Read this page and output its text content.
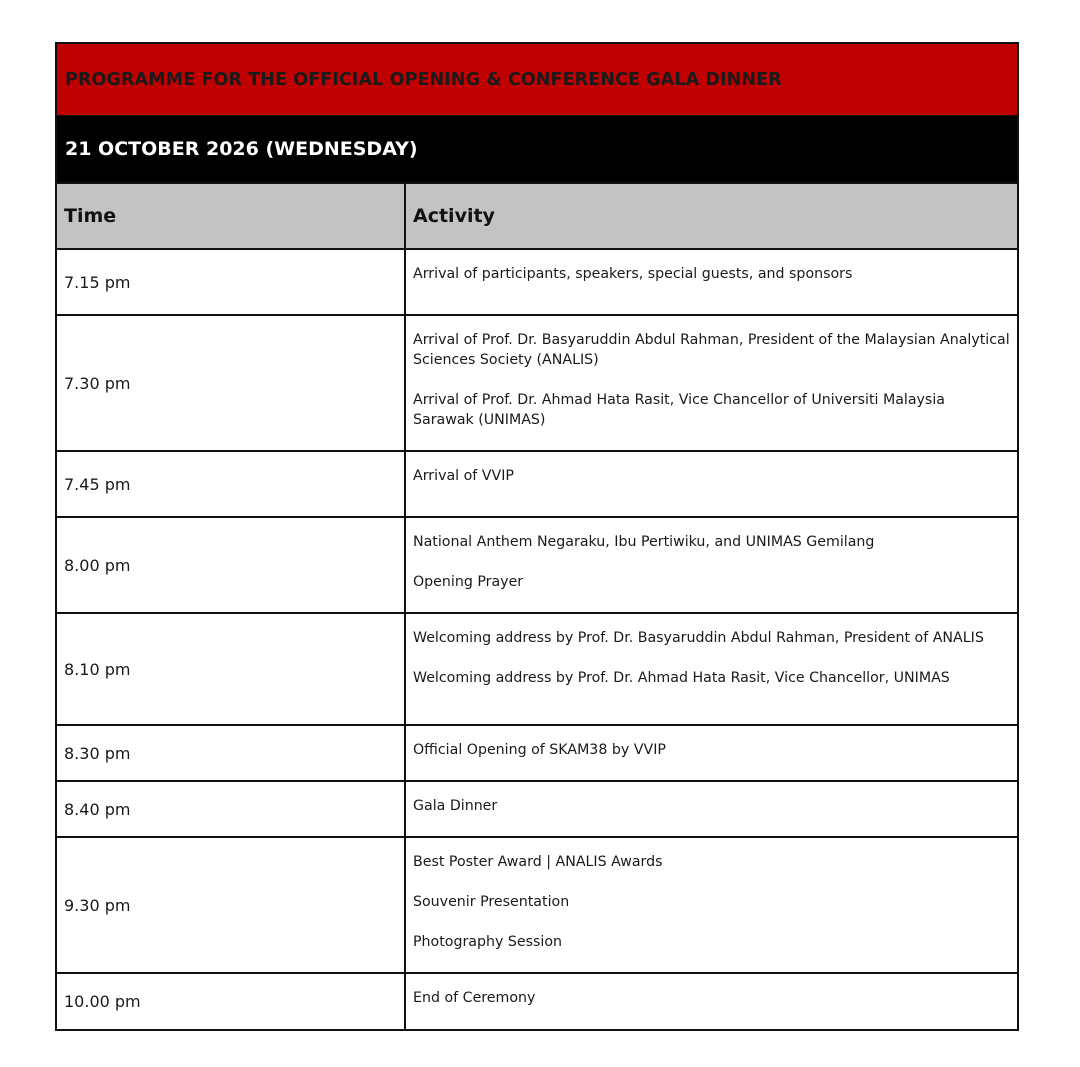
PROGRAMME FOR THE OFFICIAL OPENING & CONFERENCE GALA DINNER
21 OCTOBER 2026 (WEDNESDAY)
Time	Activity
7.15 pm	Arrival of participants, speakers, special guests, and sponsors

7.30 pm	Arrival of Prof. Dr. Basyaruddin Abdul Rahman, President of the Malaysian Analytical Sciences Society (ANALIS)
Arrival of Prof. Dr. Ahmad Hata Rasit, Vice Chancellor of Universiti Malaysia Sarawak (UNIMAS)

7.45 pm	Arrival of VVIP

8.00 pm	National Anthem Negaraku, Ibu Pertiwiku, and UNIMAS Gemilang
Opening Prayer

8.10 pm	Welcoming address by Prof. Dr. Basyaruddin Abdul Rahman, President of ANALIS
Welcoming address by Prof. Dr. Ahmad Hata Rasit, Vice Chancellor, UNIMAS

8.30 pm	Official Opening of SKAM38 by VVIP

8.40 pm	Gala Dinner

9.30 pm	Best Poster Award | ANALIS Awards
Souvenir Presentation
Photography Session

10.00 pm	End of Ceremony
